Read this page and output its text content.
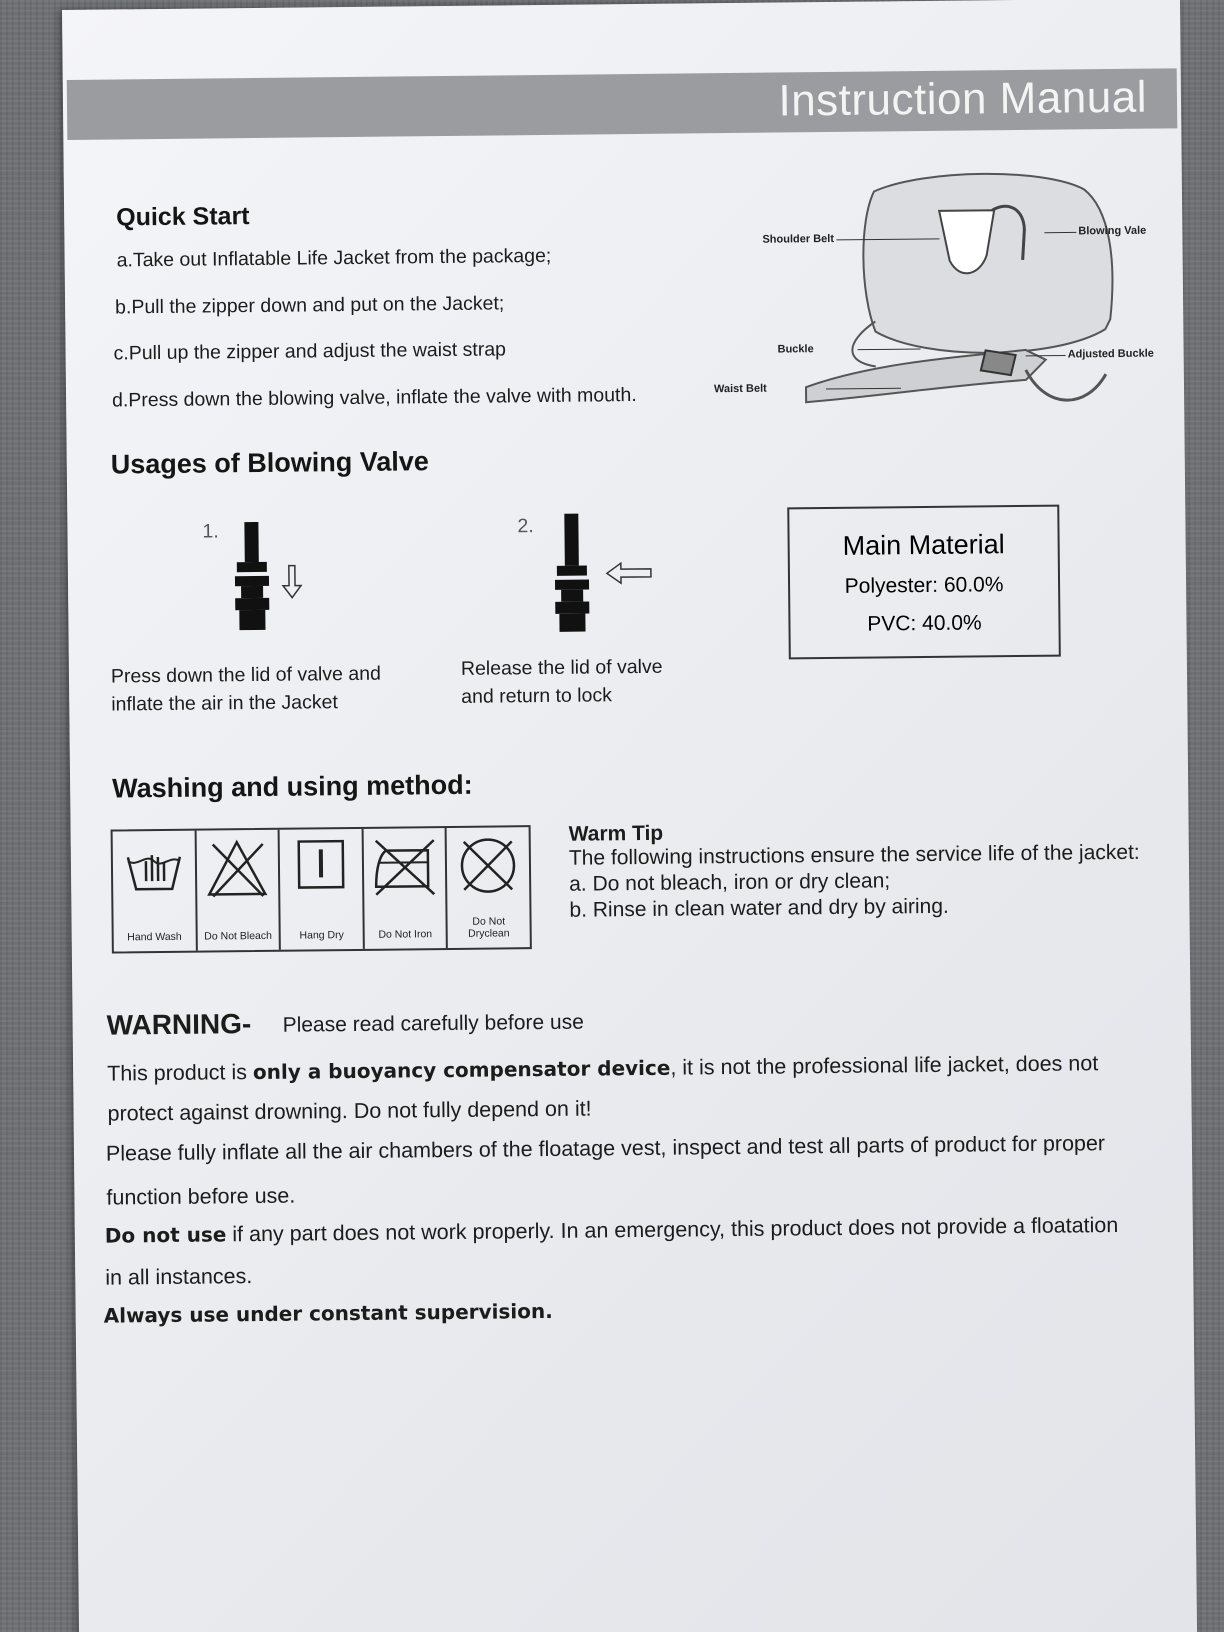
Instruction Manual
Quick Start
a.Take out Inflatable Life Jacket from the package;
b.Pull the zipper down and put on the Jacket;
c.Pull up the zipper and adjust the waist strap
d.Press down the blowing valve, inflate the valve with mouth.
Shoulder Belt
Blowing Vale
Buckle	Adjusted Buckle
Waist Belt
Usages of Blowing Valve
1.
Press down the lid of valve and
inflate the air in the Jacket
2.
Release the lid of valve
and return to lock
Main Material
Polyester: 60.0%
PVC: 40.0%
Washing and using method:
Hand Wash	Do Not Bleach	Hang Dry	Do Not Iron
Do Not
Dryclean
Warm Tip
The following instructions ensure the service life of the jacket:
a. Do not bleach, iron or dry clean;
b. Rinse in clean water and dry by airing.
WARNING- Please read carefully before use
This product is only a buoyancy compensator device, it is not the professional life jacket, does not
protect against drowning. Do not fully depend on it!
Please fully inflate all the air chambers of the floatage vest, inspect and test all parts of product for proper
function before use.
Do not use if any part does not work properly. In an emergency, this product does not provide a floatation
in all instances.
Always use under constant supervision.
